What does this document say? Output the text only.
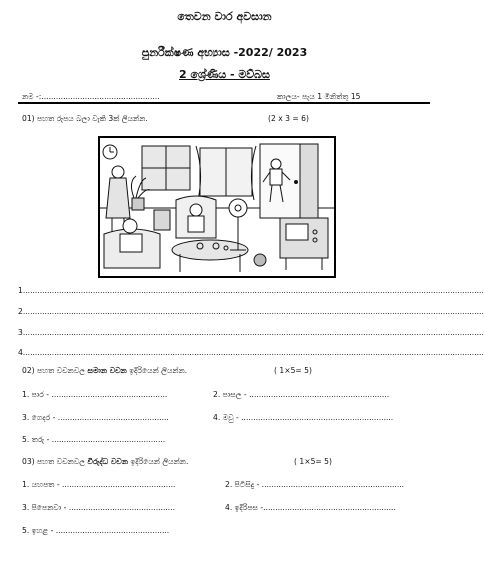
තෙවන වාර අවසාන
පුනරීක්ෂණ අභ්‍යාස -2022/ 2023
2 ශ්‍රේණිය - මව්බස
නම -:.................................................	කාලය- පැය 1 මිනිත්තු 15
01) පහත රූපය බලා වැකි 3ක් ලියන්න.	(2 x 3 = 6)
1...............................................................................................................................................................................................
2...............................................................................................................................................................................................
3...............................................................................................................................................................................................
4...............................................................................................................................................................................................
02) පහත වචනවල සමාන වචන ඉදිරියෙන් ලියන්න.	( 1×5= 5)
1. පාර - ................................................	2. පාසල - ..........................................................
3. ගෙදර - ..............................................	4. මවු - ...............................................................
5. තරු - ...............................................
03) පහත වචනවල විරුද්ධ වචන ඉදිරියෙන් ලියන්න.	( 1×5= 5)
1. යහපත - ...............................................	2. පිටිසිදු - ...........................................................
3. පිපෙනවා - ............................................	4. ඉදිරිපස -.......................................................
5. ඉහළ - ...............................................
